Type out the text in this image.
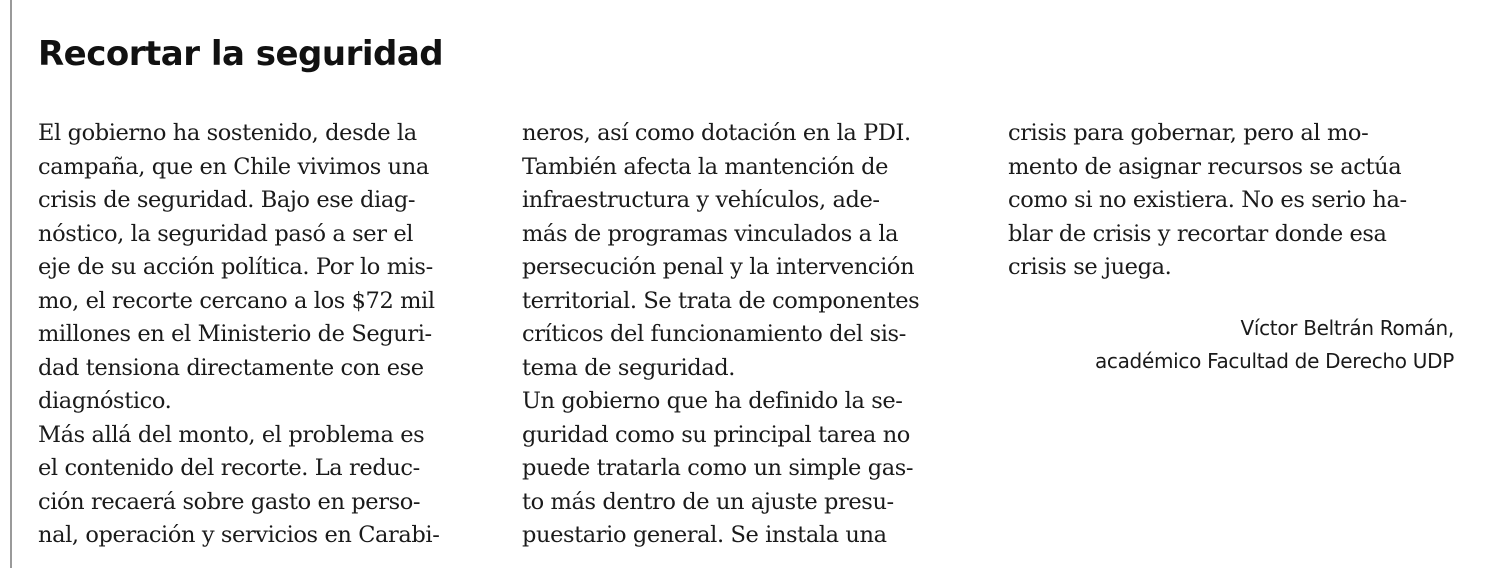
Recortar la seguridad
El gobierno ha sostenido, desde la
campaña, que en Chile vivimos una
crisis de seguridad. Bajo ese diag-
nóstico, la seguridad pasó a ser el
eje de su acción política. Por lo mis-
mo, el recorte cercano a los $72 mil
millones en el Ministerio de Seguri-
dad tensiona directamente con ese
diagnóstico.
Más allá del monto, el problema es
el contenido del recorte. La reduc-
ción recaerá sobre gasto en perso-
nal, operación y servicios en Carabi-
neros, así como dotación en la PDI.
También afecta la mantención de
infraestructura y vehículos, ade-
más de programas vinculados a la
persecución penal y la intervención
territorial. Se trata de componentes
críticos del funcionamiento del sis-
tema de seguridad.
Un gobierno que ha definido la se-
guridad como su principal tarea no
puede tratarla como un simple gas-
to más dentro de un ajuste presu-
puestario general. Se instala una
crisis para gobernar, pero al mo-
mento de asignar recursos se actúa
como si no existiera. No es serio ha-
blar de crisis y recortar donde esa
crisis se juega.
Víctor Beltrán Román,
académico Facultad de Derecho UDP
